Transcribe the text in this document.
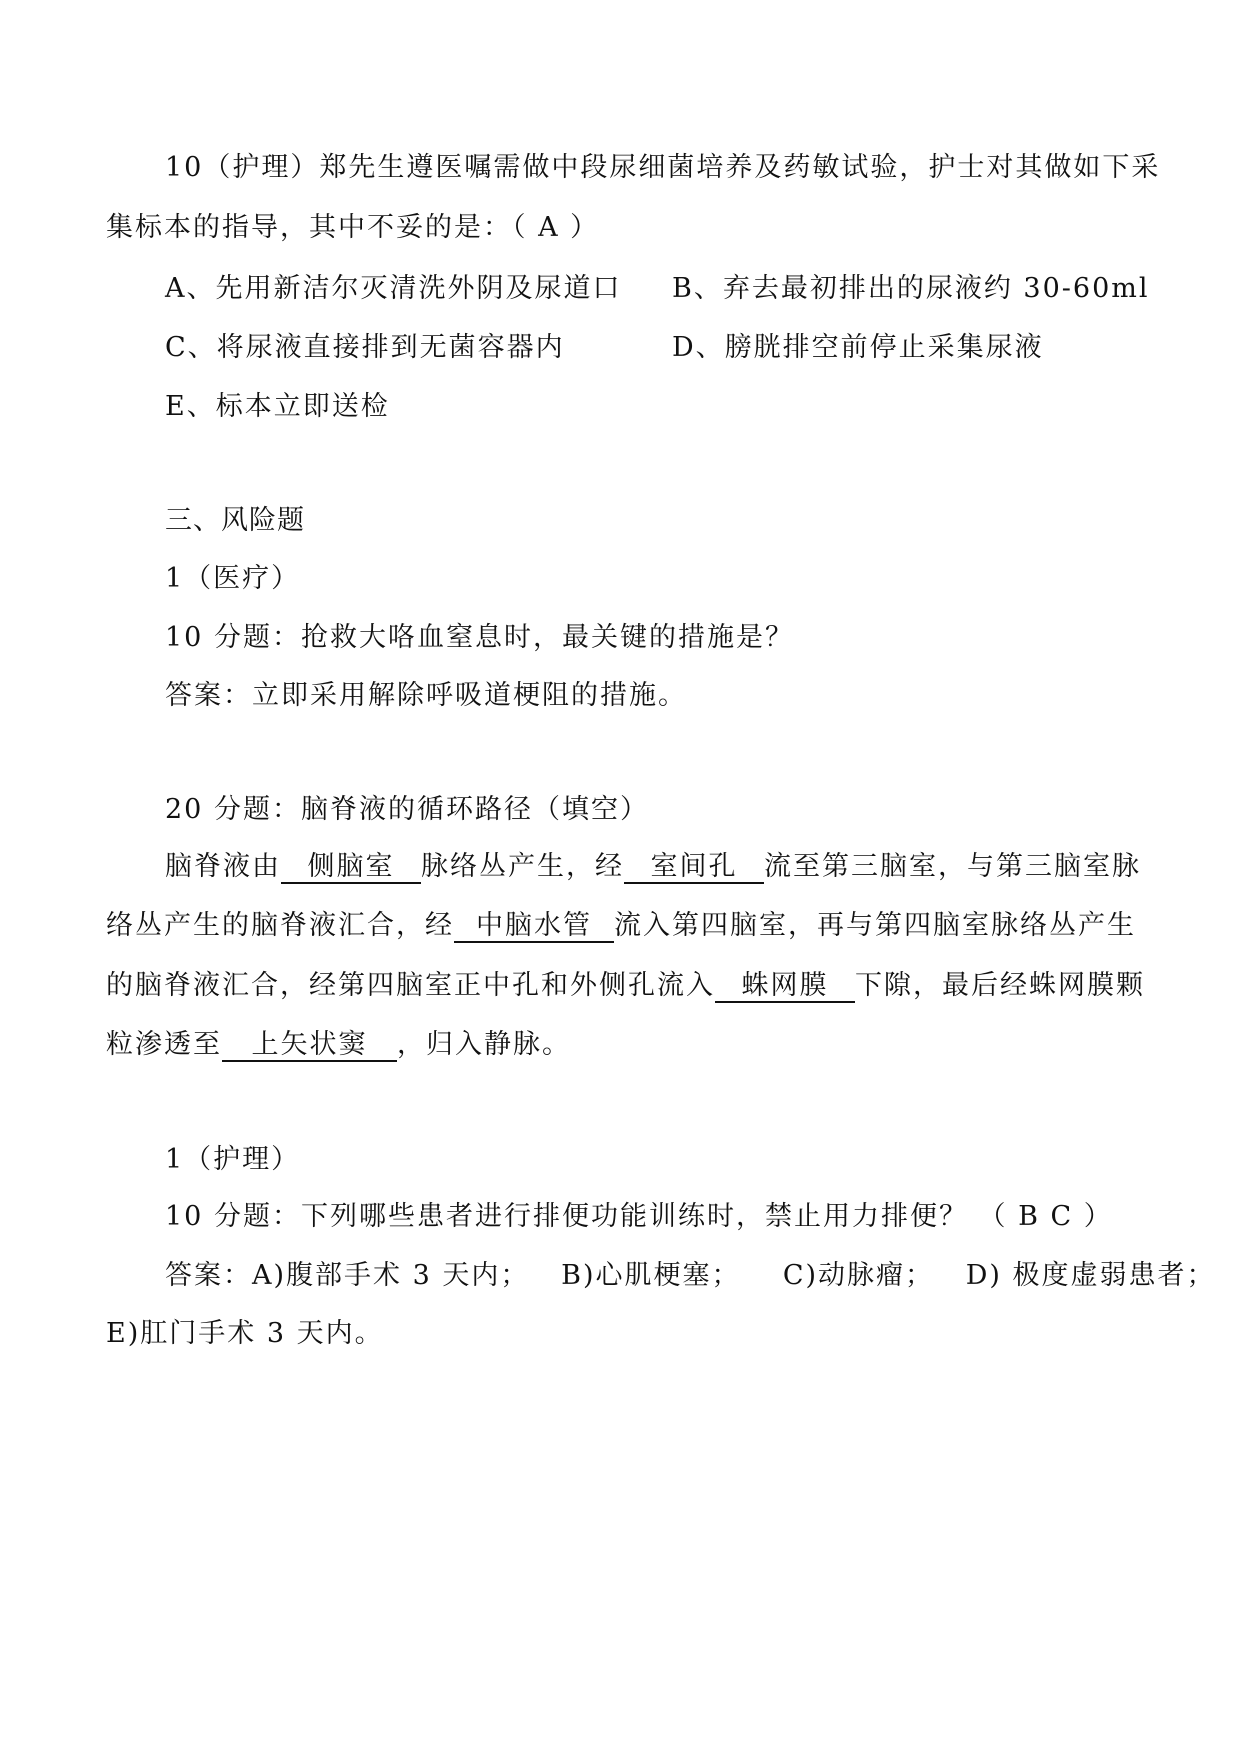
10（护理）郑先生遵医嘱需做中段尿细菌培养及药敏试验，护士对其做如下采
集标本的指导，其中不妥的是：（ A ）
A、先用新洁尔灭清洗外阴及尿道口 B、弃去最初排出的尿液约 30-60ml
C、将尿液直接排到无菌容器内	D、膀胱排空前停止采集尿液
E、标本立即送检
三、风险题
1（医疗）
10 分题：抢救大咯血窒息时，最关键的措施是？
答案：立即采用解除呼吸道梗阻的措施。
20 分题：脑脊液的循环路径（填空）
脑脊液由 侧脑室 脉络丛产生，经 室间孔 流至第三脑室，与第三脑室脉
络丛产生的脑脊液汇合，经 中脑水管 流入第四脑室，再与第四脑室脉络丛产生
的脑脊液汇合，经第四脑室正中孔和外侧孔流入 蛛网膜 下隙，最后经蛛网膜颗
粒渗透至 上矢状窦 ，归入静脉。
1（护理）
10 分题：下列哪些患者进行排便功能训练时，禁止用力排便？ （ B C ）
答案：A)腹部手术 3 天内；   B)心肌梗塞；    C)动脉瘤；   D) 极度虚弱患者；
E)肛门手术 3 天内。
